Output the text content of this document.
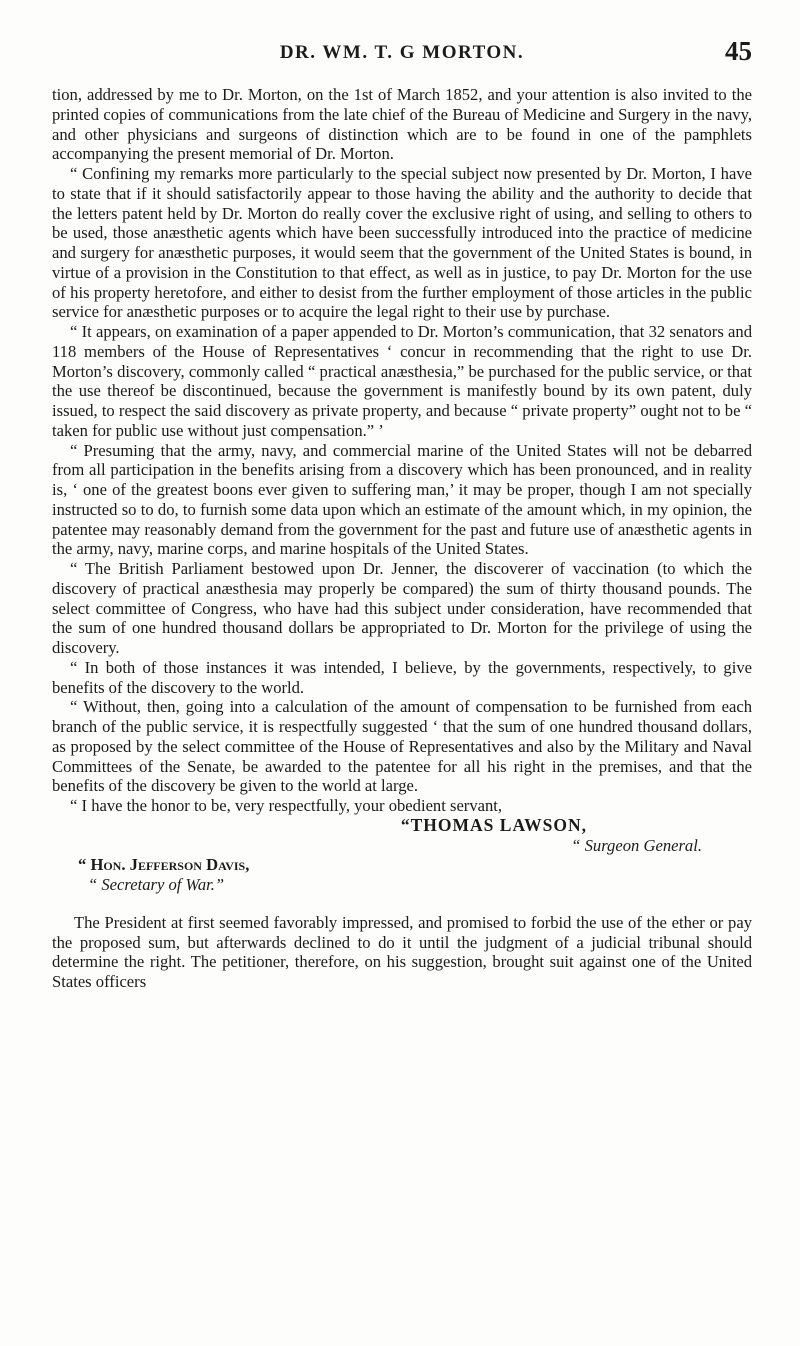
DR. WM. T. G MORTON.	45

tion, addressed by me to Dr. Morton, on the 1st of March 1852, and your attention is also invited to the printed copies of communications from the late chief of the Bureau of Medicine and Surgery in the navy, and other physicians and surgeons of distinction which are to be found in one of the pamphlets accompanying the present memorial of Dr. Morton.

“ Confining my remarks more particularly to the special subject now presented by Dr. Morton, I have to state that if it should satisfactorily appear to those having the ability and the authority to decide that the letters patent held by Dr. Morton do really cover the exclusive right of using, and selling to others to be used, those anæsthetic agents which have been successfully introduced into the practice of medicine and surgery for anæsthetic purposes, it would seem that the government of the United States is bound, in virtue of a provision in the Constitution to that effect, as well as in justice, to pay Dr. Morton for the use of his property heretofore, and either to desist from the further employment of those articles in the public service for anæsthetic purposes or to acquire the legal right to their use by purchase.

“ It appears, on examination of a paper appended to Dr. Morton’s communication, that 32 senators and 118 members of the House of Representatives ‘ concur in recommending that the right to use Dr. Morton’s discovery, commonly called “ practical anæsthesia,” be purchased for the public service, or that the use thereof be discontinued, because the government is manifestly bound by its own patent, duly issued, to respect the said discovery as private property, and because “ private property” ought not to be “ taken for public use without just compensation.” ’

“ Presuming that the army, navy, and commercial marine of the United States will not be debarred from all participation in the benefits arising from a discovery which has been pronounced, and in reality is, ‘ one of the greatest boons ever given to suffering man,’ it may be proper, though I am not specially instructed so to do, to furnish some data upon which an estimate of the amount which, in my opinion, the patentee may reasonably demand from the government for the past and future use of anæsthetic agents in the army, navy, marine corps, and marine hospitals of the United States.

“ The British Parliament bestowed upon Dr. Jenner, the discoverer of vaccination (to which the discovery of practical anæsthesia may properly be compared) the sum of thirty thousand pounds. The select committee of Congress, who have had this subject under consideration, have recommended that the sum of one hundred thousand dollars be appropriated to Dr. Morton for the privilege of using the discovery.

“ In both of those instances it was intended, I believe, by the governments, respectively, to give benefits of the discovery to the world.

“ Without, then, going into a calculation of the amount of compensation to be furnished from each branch of the public service, it is respectfully suggested ‘ that the sum of one hundred thousand dollars, as proposed by the select committee of the House of Representatives and also by the Military and Naval Committees of the Senate, be awarded to the patentee for all his right in the premises, and that the benefits of the discovery be given to the world at large.

“ I have the honor to be, very respectfully, your obedient servant,

“THOMAS LAWSON,

“ Surgeon General.

“ Hon. Jefferson Davis,

“ Secretary of War.”

The President at first seemed favorably impressed, and promised to forbid the use of the ether or pay the proposed sum, but afterwards declined to do it until the judgment of a judicial tribunal should determine the right. The petitioner, therefore, on his suggestion, brought suit against one of the United States officers
